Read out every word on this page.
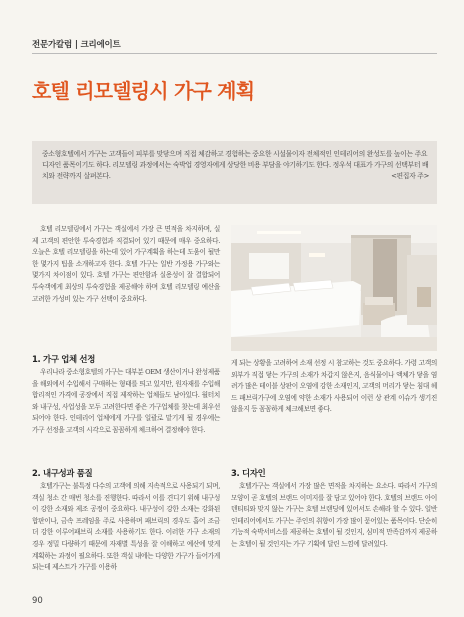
전문가칼럼 | 크리에이트
호텔 리모델링시 가구 계획
중소형호텔에서 가구는 고객들이 피부를 맞닿으며 직접 체감하고 경험하는 중요한 시설물이자 전체적인 인테리어의 완성도를 높이는 주요 디자인 품목이기도 하다. 리모델링 과정에서는 숙박업 경영자에게 상당한 비용 부담을 야기하기도 한다. 정우석 대표가 가구의 선택부터 배치와 전략까지 살펴본다.	<편집자 주>

호텔 리모델링에서 가구는 객실에서 가장 큰 면적을 차지하며, 실제 고객의 편안한 투숙경험과 직결되어 있기 때문에 매우 중요하다. 오늘은 호텔 리모델링을 하는데 있어 가구계획을 하는데 도움이 될만한 몇가지 팁을 소개하고자 한다. 호텔 가구는 일반 가정용 가구와는 몇가지 차이점이 있다. 호텔 가구는 편안함과 실용성이 잘 결합되어 투숙객에게 최상의 투숙경험을 제공해야 하며 호텔 리모델링 예산을 고려한 가성비 있는 가구 선택이 중요하다.

1. 가구 업체 선정

우리나라 중소형호텔의 가구는 대부분 OEM 생산이거나 완성제품을 해외에서 수입해서 구매하는 형태를 띄고 있지만, 원자재를 수입해 합리적인 가격에 공장에서 직접 제작하는 업체들도 남아있다. 월터치와 내구성, 사업성을 모두 고려한다면 좋은 가구업체를 찾는데 최우선되어야 한다. 인테리어 업체에게 가구를 일괄로 맡기게 될 경우에는 가구 선정을 고객의 시각으로 꼼꼼하게 체크하여 결정해야 한다.

2. 내구성과 품질

호텔가구는 불특정 다수의 고객에 의해 지속적으로 사용되기 되며, 객실 청소 간 매번 청소를 진행한다. 따라서 이를 견디기 위해 내구성이 강한 소재와 제조 공정이 중요하다. 내구성이 강한 소재는 강화된 합판이나, 금속 프레임을 주로 사용하며 패브릭의 경우도 흡어 조금 더 강한 이루어패브릭 소재를 사용하기도 한다. 이러한 가구 소재의 경우 정밀 다량하기 때문에 자재별 특성을 잘 이해하고 예산에 맞게 계획하는 과정이 필요하다. 또한 객실 내에는 다양한 가구가 들어가게 되는데 제스트가 가구를 이용하

게 되는 상황을 고려하여 소재 선정 시 참고하는 것도 중요하다. 가령 고객의 외부가 직접 닿는 가구의 소재가 차갑지 않은지, 음식물이나 액체가 닿을 염려가 많은 테이블 상판이 오염에 강한 소재인지, 고객의 머리가 닿는 침대 헤드 패브릭가구에 오염에 약한 소재가 사용되어 이런 상 관계 이슈가 생기진 않을지 등 꼼꼼하게 체크해보면 좋다.

3. 디자인

호텔가구는 객실에서 가장 많은 면적을 차지하는 요소다. 따라서 가구의 모양이 곧 호텔의 브랜드 이미지를 잘 담고 있어야 한다. 호텔의 브랜드 아이덴티티와 맞지 않는 가구는 호텔 브랜딩에 있어서도 손해라 할 수 있다. 일반 인테리어에서도 가구는 주인의 취향이 가장 많이 묻어있는 품목이다. 단순히 기능적 숙박서비스를 제공하는 호텔이 될 것인지, 심미적 만족감까지 제공하는 호텔이 될 것인지는 가구 기획에 달린 느낌에 달려있다.

90
